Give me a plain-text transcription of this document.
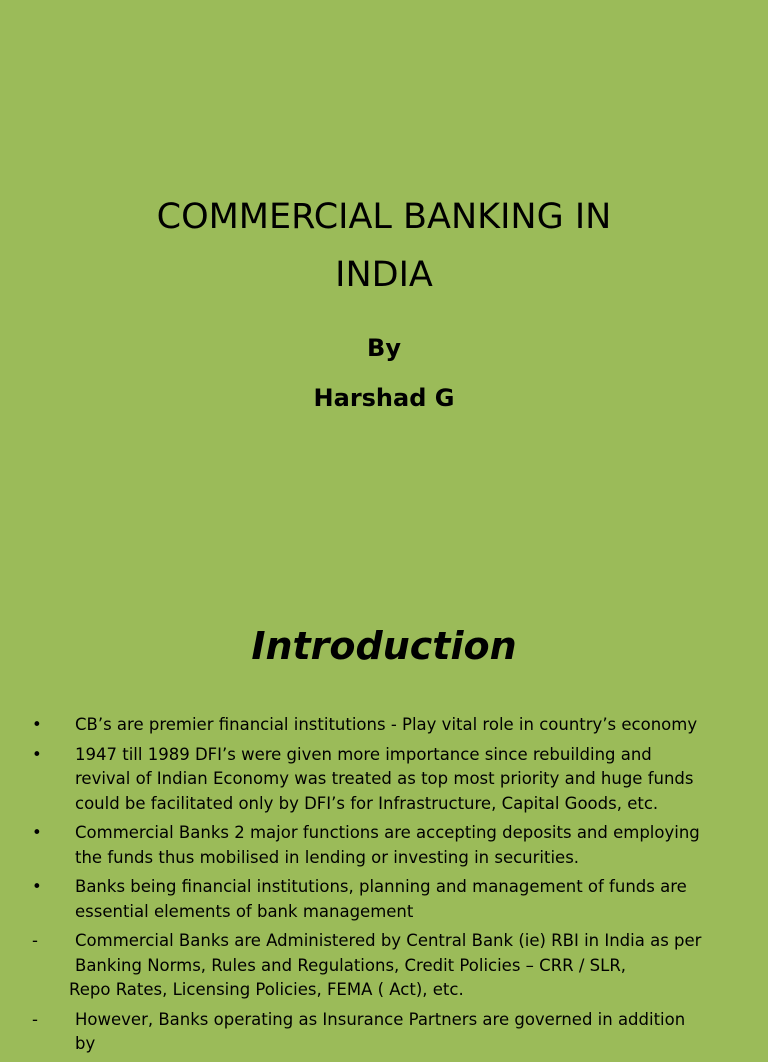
COMMERCIAL BANKING IN
INDIA
By
Harshad G
Introduction
• CB’s are premier financial institutions - Play vital role in country’s economy
• 1947 till 1989 DFI’s were given more importance since rebuilding and revival of Indian Economy was treated as top most priority and huge funds could be facilitated only by DFI’s for Infrastructure, Capital Goods, etc.
• Commercial Banks 2 major functions are accepting deposits and employing the funds thus mobilised in lending or investing in securities.
• Banks being financial institutions, planning and management of funds are essential elements of bank management
- Commercial Banks are Administered by Central Bank (ie) RBI in India as per Banking Norms, Rules and Regulations, Credit Policies – CRR / SLR,
Repo Rates, Licensing Policies, FEMA ( Act), etc.
- However, Banks operating as Insurance Partners are governed in addition by
